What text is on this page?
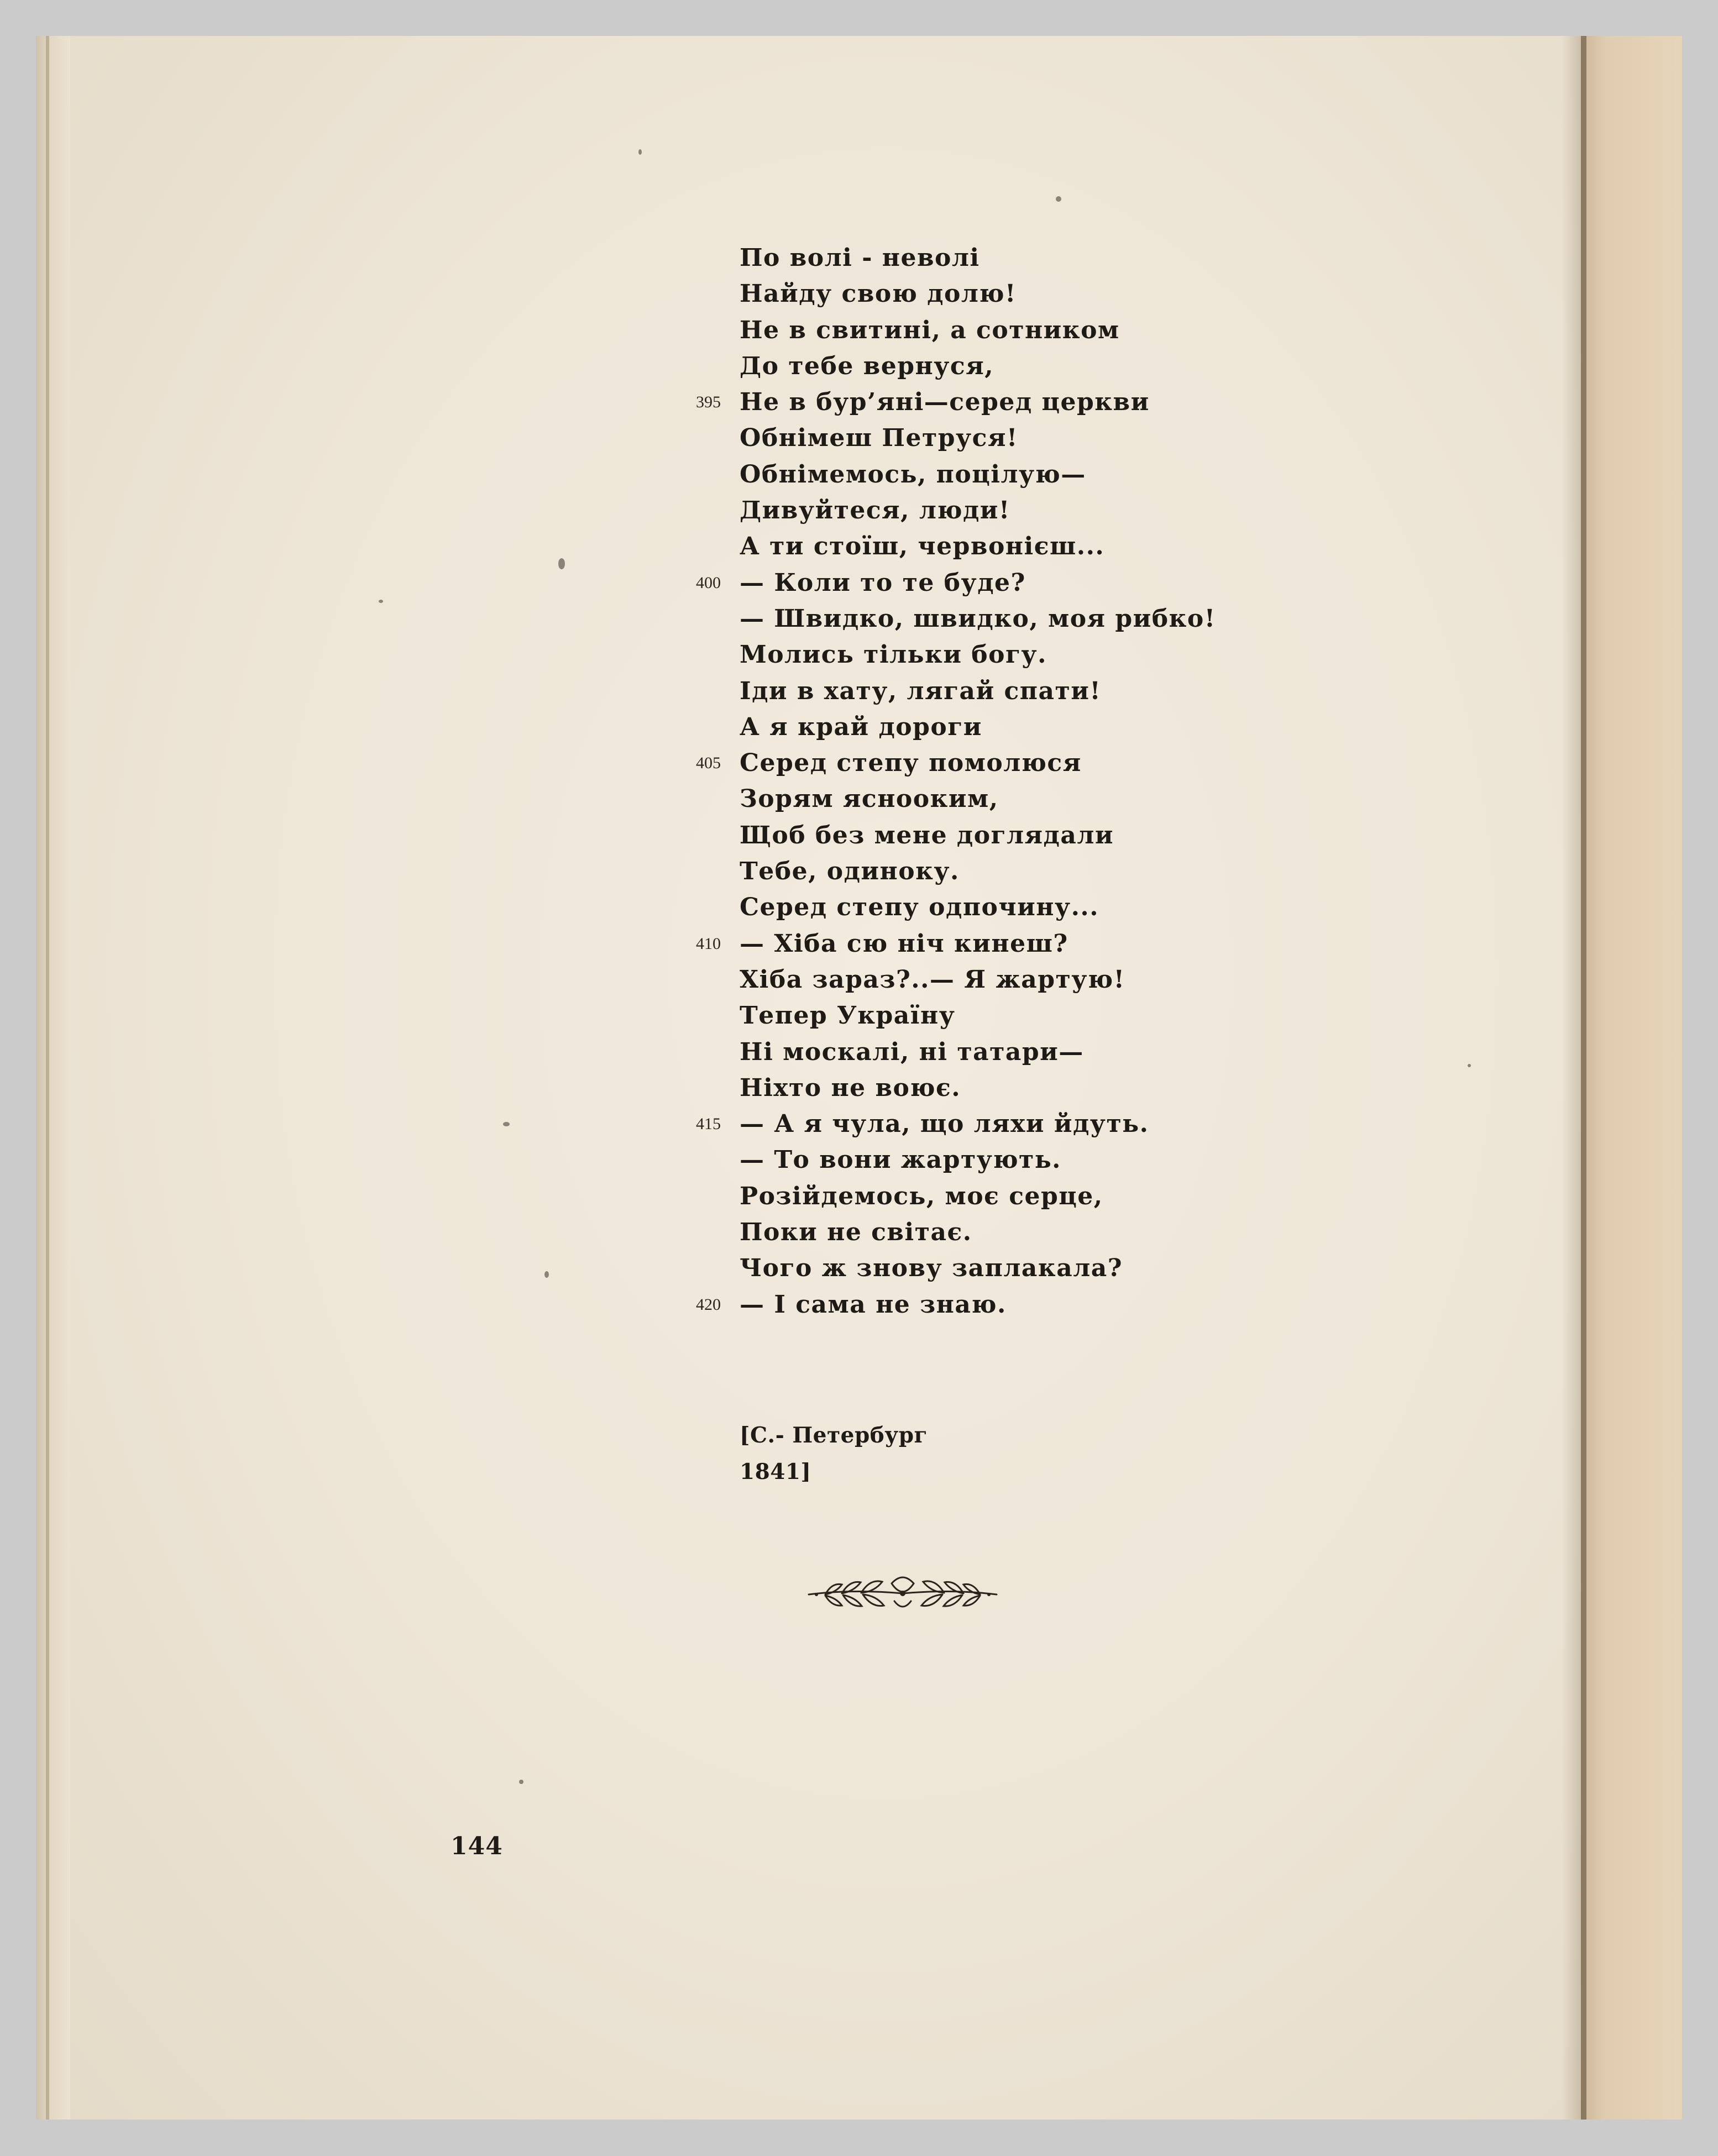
По волі - неволі
Найду свою долю!
Не в свитині, а сотником
До тебе вернуся,
395 Не в бур’яні—серед церкви
Обнімеш Петруся!
Обнімемось, поцілую—
Дивуйтеся, люди!
А ти стоїш, червонієш...
400 — Коли то те буде?
— Швидко, швидко, моя рибко!
Молись тільки богу.
Іди в хату, лягай спати!
А я край дороги
405 Серед степу помолюся
Зорям яснооким,
Щоб без мене доглядали
Тебе, одиноку.
Серед степу одпочину...
410 — Хіба сю ніч кинеш?
Хіба зараз?..— Я жартую!
Тепер Україну
Ні москалі, ні татари—
Ніхто не воює.
415 — А я чула, що ляхи йдуть.
— То вони жартують.
Розійдемось, моє серце,
Поки не світає.
Чого ж знову заплакала?
420 — І сама не знаю.
[С.- Петербург
1841]
144
